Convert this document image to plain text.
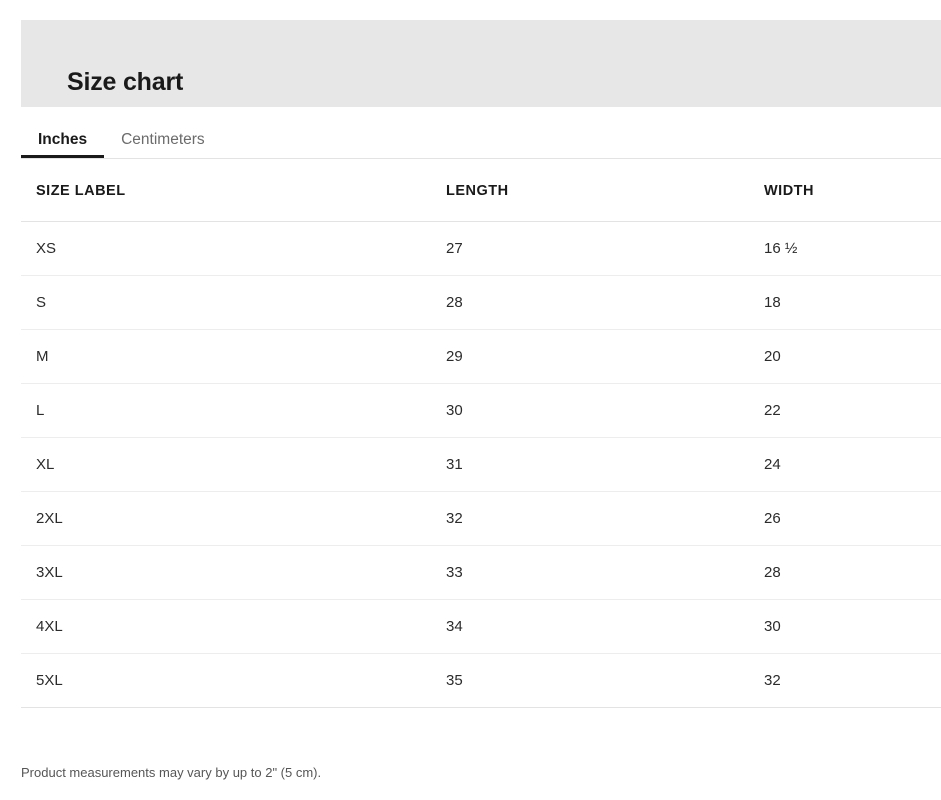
Size chart
Inches	Centimeters
SIZE LABEL	LENGTH	WIDTH
XS	27	16 ½
S	28	18
M	29	20
L	30	22
XL	31	24
2XL	32	26
3XL	33	28
4XL	34	30
5XL	35	32
Product measurements may vary by up to 2" (5 cm).
